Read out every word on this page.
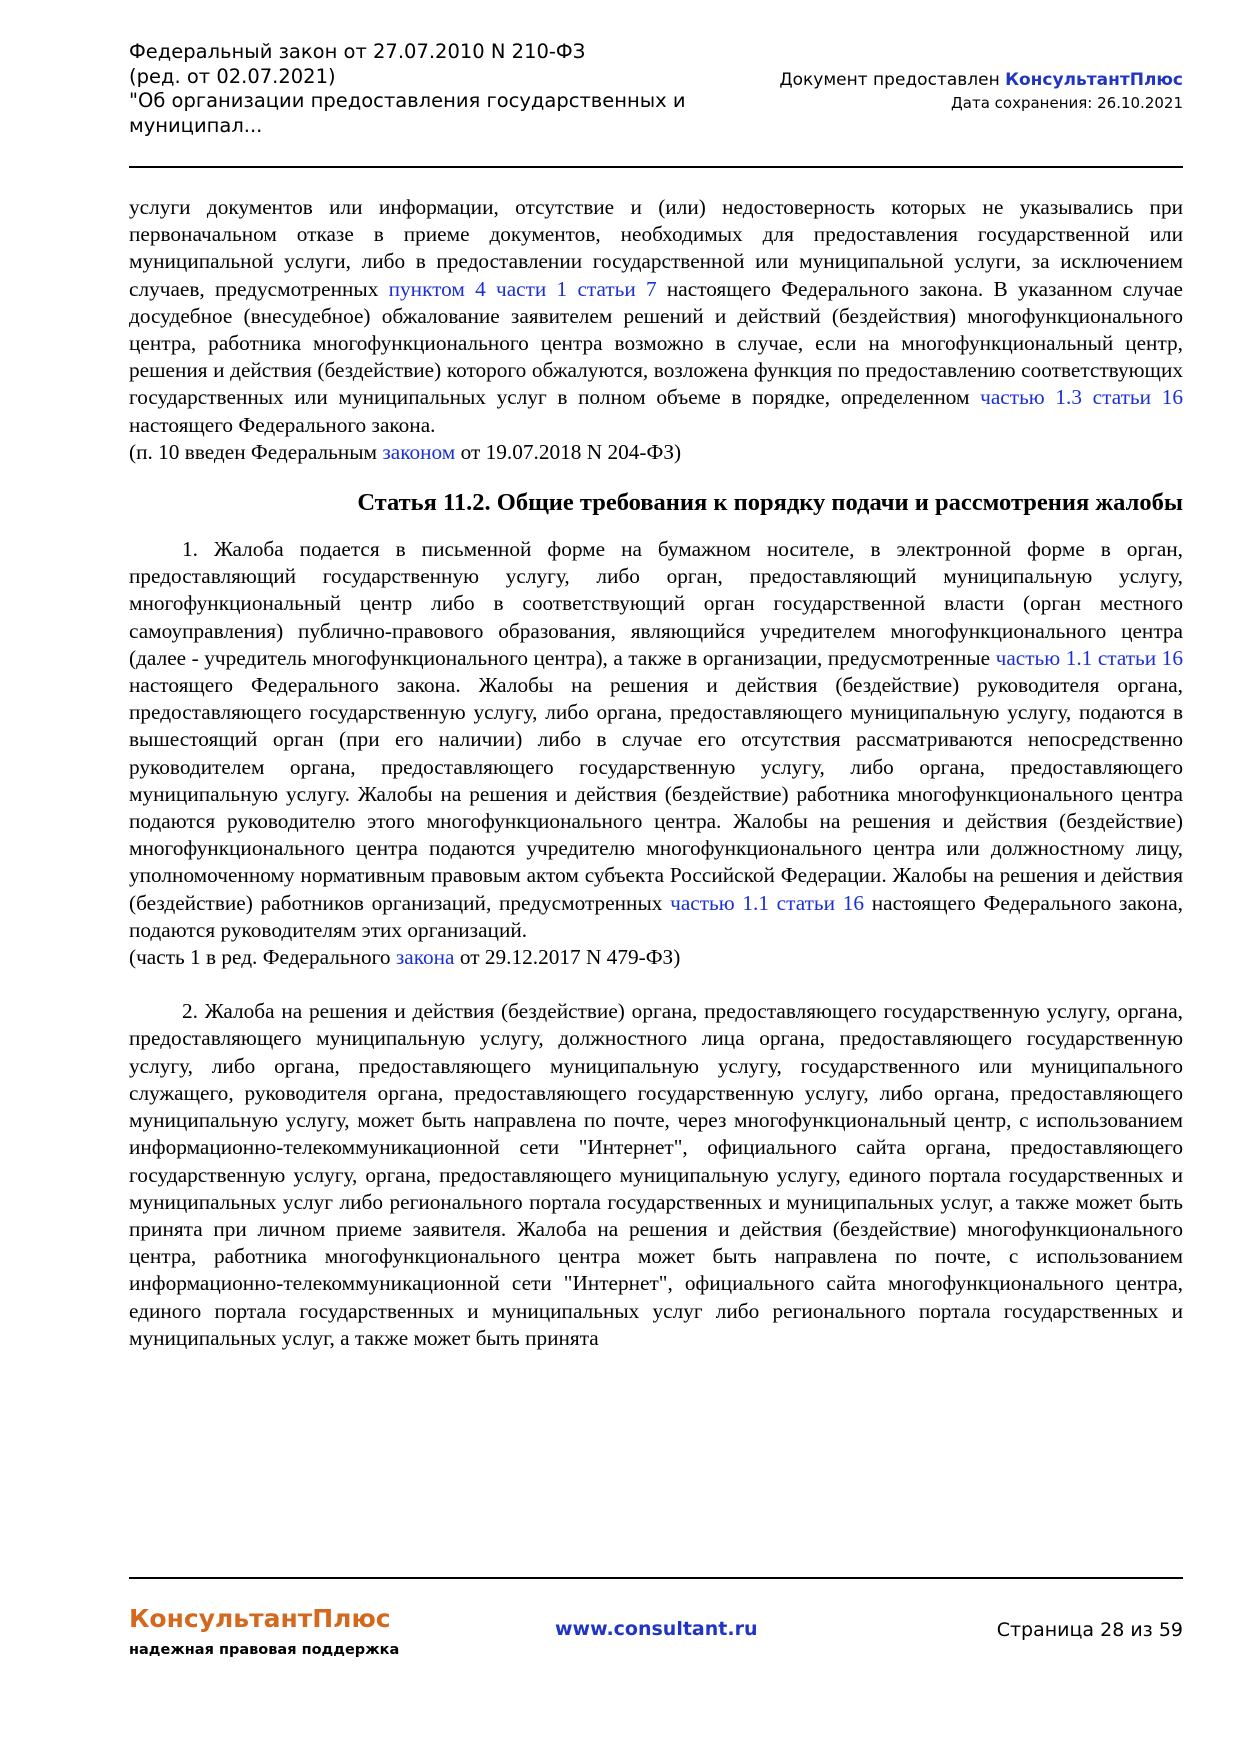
Федеральный закон от 27.07.2010 N 210-ФЗ
(ред. от 02.07.2021)
"Об организации предоставления государственных и
муниципал...
Документ предоставлен КонсультантПлюс
Дата сохранения: 26.10.2021

услуги документов или информации, отсутствие и (или) недостоверность которых не указывались при первоначальном отказе в приеме документов, необходимых для предоставления государственной или муниципальной услуги, либо в предоставлении государственной или муниципальной услуги, за исключением случаев, предусмотренных пунктом 4 части 1 статьи 7 настоящего Федерального закона. В указанном случае досудебное (внесудебное) обжалование заявителем решений и действий (бездействия) многофункционального центра, работника многофункционального центра возможно в случае, если на многофункциональный центр, решения и действия (бездействие) которого обжалуются, возложена функция по предоставлению соответствующих государственных или муниципальных услуг в полном объеме в порядке, определенном частью 1.3 статьи 16 настоящего Федерального закона.

(п. 10 введен Федеральным законом от 19.07.2018 N 204-ФЗ)

Статья 11.2. Общие требования к порядку подачи и рассмотрения жалобы

1. Жалоба подается в письменной форме на бумажном носителе, в электронной форме в орган, предоставляющий государственную услугу, либо орган, предоставляющий муниципальную услугу, многофункциональный центр либо в соответствующий орган государственной власти (орган местного самоуправления) публично-правового образования, являющийся учредителем многофункционального центра (далее - учредитель многофункционального центра), а также в организации, предусмотренные частью 1.1 статьи 16 настоящего Федерального закона. Жалобы на решения и действия (бездействие) руководителя органа, предоставляющего государственную услугу, либо органа, предоставляющего муниципальную услугу, подаются в вышестоящий орган (при его наличии) либо в случае его отсутствия рассматриваются непосредственно руководителем органа, предоставляющего государственную услугу, либо органа, предоставляющего муниципальную услугу. Жалобы на решения и действия (бездействие) работника многофункционального центра подаются руководителю этого многофункционального центра. Жалобы на решения и действия (бездействие) многофункционального центра подаются учредителю многофункционального центра или должностному лицу, уполномоченному нормативным правовым актом субъекта Российской Федерации. Жалобы на решения и действия (бездействие) работников организаций, предусмотренных частью 1.1 статьи 16 настоящего Федерального закона, подаются руководителям этих организаций.

(часть 1 в ред. Федерального закона от 29.12.2017 N 479-ФЗ)

2. Жалоба на решения и действия (бездействие) органа, предоставляющего государственную услугу, органа, предоставляющего муниципальную услугу, должностного лица органа, предоставляющего государственную услугу, либо органа, предоставляющего муниципальную услугу, государственного или муниципального служащего, руководителя органа, предоставляющего государственную услугу, либо органа, предоставляющего муниципальную услугу, может быть направлена по почте, через многофункциональный центр, с использованием информационно-телекоммуникационной сети "Интернет", официального сайта органа, предоставляющего государственную услугу, органа, предоставляющего муниципальную услугу, единого портала государственных и муниципальных услуг либо регионального портала государственных и муниципальных услуг, а также может быть принята при личном приеме заявителя. Жалоба на решения и действия (бездействие) многофункционального центра, работника многофункционального центра может быть направлена по почте, с использованием информационно-телекоммуникационной сети "Интернет", официального сайта многофункционального центра, единого портала государственных и муниципальных услуг либо регионального портала государственных и муниципальных услуг, а также может быть принята

КонсультантПлюс
надежная правовая поддержка
www.consultant.ru	Страница 28 из 59
